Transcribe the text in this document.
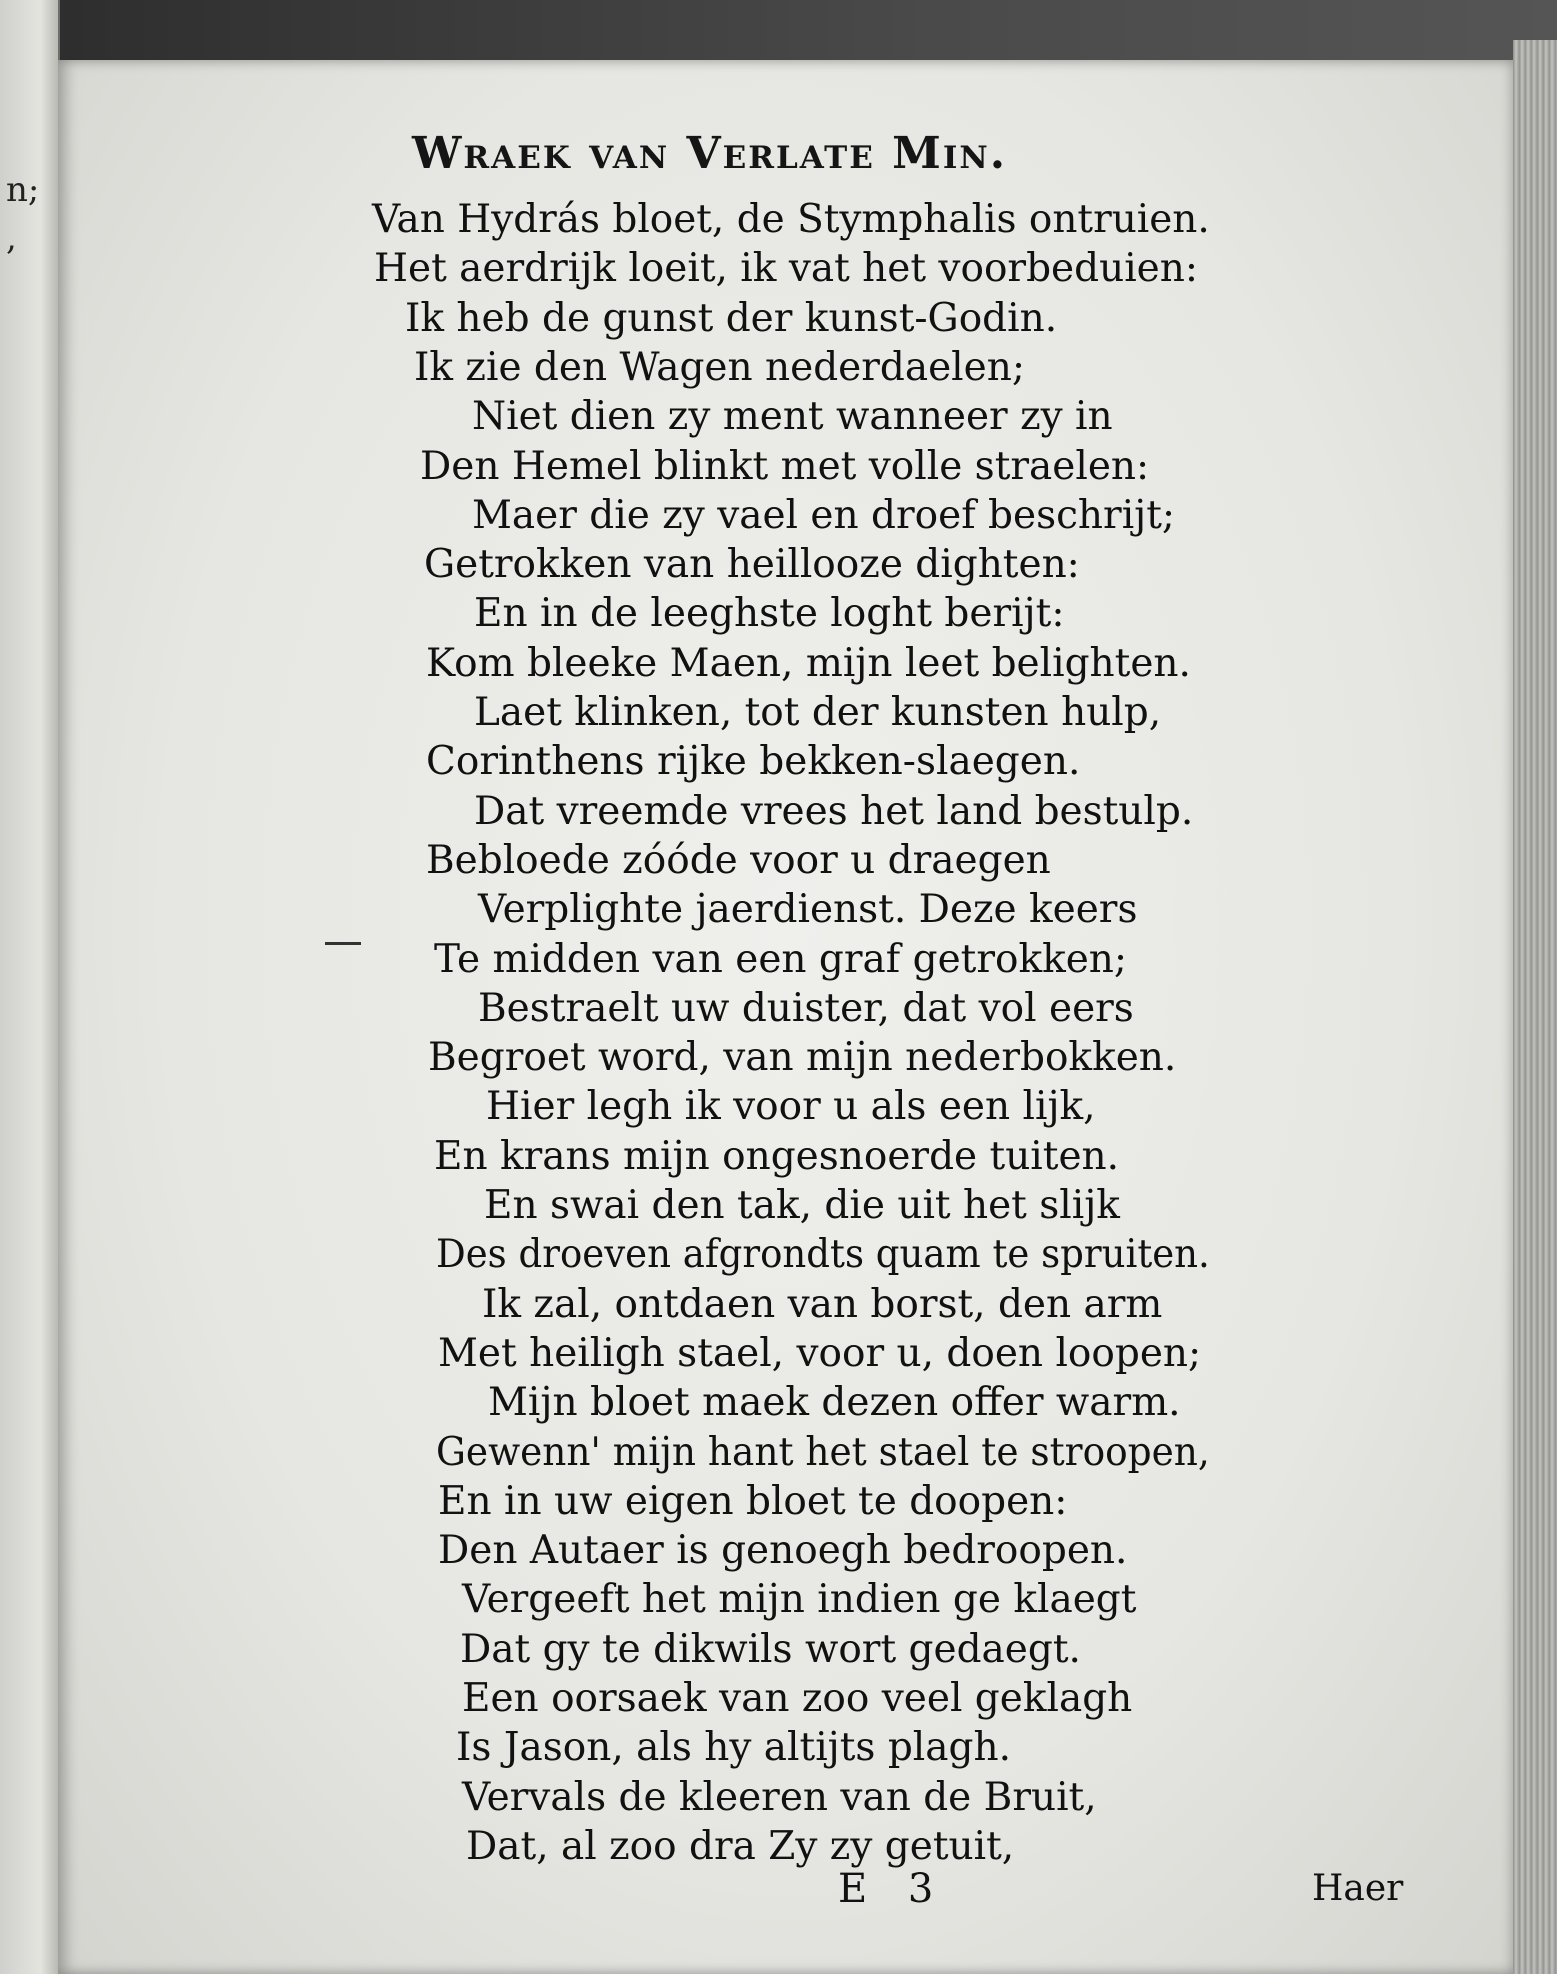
n;
,
Wraek van Verlate Min.
Van Hydrás bloet, de Stymphalis ontruien.
Het aerdrijk loeit, ik vat het voorbeduien:
Ik heb de gunst der kunst-Godin.
Ik zie den Wagen nederdaelen;
Niet dien zy ment wanneer zy in
Den Hemel blinkt met volle straelen:
Maer die zy vael en droef beschrijt;
Getrokken van heilloozе dighten:
En in de leeghste loght berijt:
Kom bleeke Maen, mijn leet belighten.
Laet klinken, tot der kunsten hulp,
Corinthens rijke bekken-slaegen.
Dat vreemde vrees het land bestulp.
Bebloede zóóde voor u draegen
Verplighte jaerdienst. Deze keers
Te midden van een graf getrokken;
Bestraelt uw duister, dat vol eers
Begroet word, van mijn nederbokken.
Hier legh ik voor u als een lijk,
En krans mijn ongesnoerde tuiten.
En swai den tak, die uit het slijk
Des droeven afgrondts quam te spruiten.
Ik zal, ontdaen van borst, den arm
Met heiligh stael, voor u, doen loopen;
Mijn bloet maek dezen offer warm.
Gewenn' mijn hant het stael te stroopen,
En in uw eigen bloet te doopen:
Den Autaer is genoegh bedroopen.
Vergeeft het mijn indien ge klaegt
Dat gy te dikwils wort gedaegt.
Een oorsaek van zoo veel geklagh
Is Jason, als hy altijts plagh.
Vervals de kleeren van de Bruit,
Dat, al zoo dra Zy zy getuit,
E 3	Haer
